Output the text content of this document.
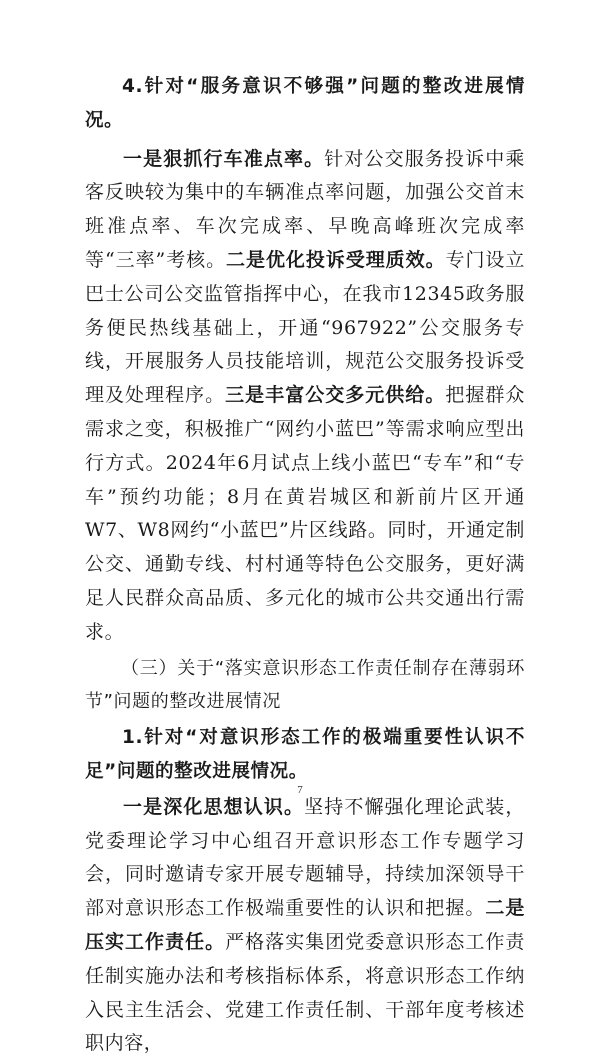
4.针对“服务意识不够强”问题的整改进展情况。

一是狠抓行车准点率。针对公交服务投诉中乘客反映较为集中的车辆准点率问题，加强公交首末班准点率、车次完成率、早晚高峰班次完成率等“三率”考核。二是优化投诉受理质效。专门设立巴士公司公交监管指挥中心，在我市12345政务服务便民热线基础上，开通“967922”公交服务专线，开展服务人员技能培训，规范公交服务投诉受理及处理程序。三是丰富公交多元供给。把握群众需求之变，积极推广“网约小蓝巴”等需求响应型出行方式。2024年6月试点上线小蓝巴“专车”和“专车”预约功能；8月在黄岩城区和新前片区开通W7、W8网约“小蓝巴”片区线路。同时，开通定制公交、通勤专线、村村通等特色公交服务，更好满足人民群众高品质、多元化的城市公共交通出行需求。

（三）关于“落实意识形态工作责任制存在薄弱环节”问题的整改进展情况

1.针对“对意识形态工作的极端重要性认识不足”问题的整改进展情况。

一是深化思想认识。坚持不懈强化理论武装，党委理论学习中心组召开意识形态工作专题学习会，同时邀请专家开展专题辅导，持续加深领导干部对意识形态工作极端重要性的认识和把握。二是压实工作责任。严格落实集团党委意识形态工作责任制实施办法和考核指标体系，将意识形态工作纳入民主生活会、党建工作责任制、干部年度考核述职内容，

7
